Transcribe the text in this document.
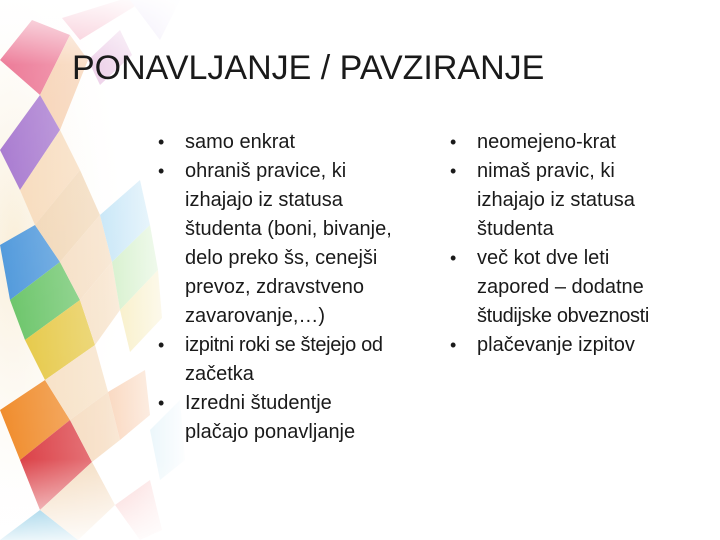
PONAVLJANJE / PAVZIRANJE
• samo enkrat
• ohraniš pravice, ki
izhajajo iz statusa
študenta (boni, bivanje,
delo preko šs, cenejši
prevoz, zdravstveno
zavarovanje,…)
• izpitni roki se štejejo od
začetka
• Izredni študentje
plačajo ponavljanje
• neomejeno-krat
• nimaš pravic, ki
izhajajo iz statusa
študenta
• več kot dve leti
zapored – dodatne
študijske obveznosti
• plačevanje izpitov
